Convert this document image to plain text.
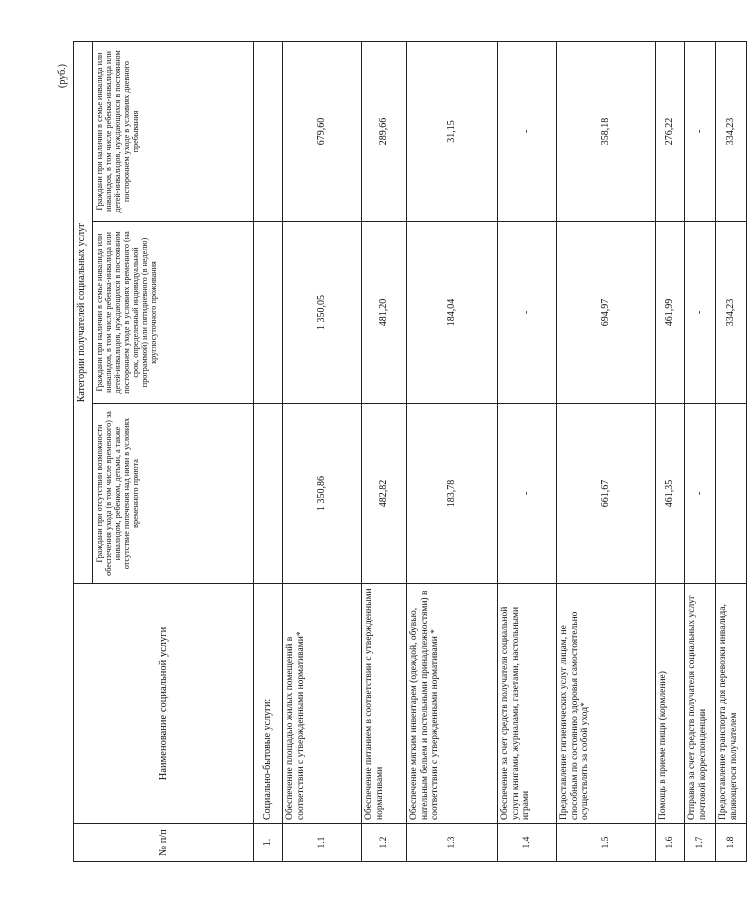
(руб.)
№ п/п	Наименование социальной услуги	Категории получателей социальных услуг		
		Граждани при отсутствии возможности обеспечения ухода (в том числе временного) за инвалидом, ребенком, детьми, а также отсутствие попечения над ними в условиях временного приюта	Граждани при наличии в семье инвалида или инвалидов, в том числе ребенка-инвалида или детей-инвалидов, нуждающихся в постоянном постороннем уходе в условиях временного (на срок, определенный индивидуальной программой) или пятидневного (в неделю) круглосуточного проживания	Граждани при наличии в семье инвалида или инвалидов, в том числе ребенка-инвалида или детей-инвалидов, нуждающихся в постоянном постороннем уходе в условиях дневного пребывания
1.	Социально-бытовые услуги:			
1.1	Обеспечение площадью жилых помещений в соответствии с утвержденными нормативами*	1 350,86	1 350,05	679,60
1.2	Обеспечение питанием в соответствии с утвержденными нормативами	482,82	481,20	289,66
1.3	Обеспечение мягким инвентарем (одеждой, обувью, нательным бельем и постельными принадлежностями) в соответствии с утвержденными нормативами *	183,78	184,04	31,15
1.4	Обеспечение за счет средств получателя социальной услуги книгами, журналами, газетами, настольными играми	-	-	-
1.5	Предоставление гигиенических услуг лицам, не способным по состоянию здоровья самостоятельно осуществлять за собой уход*	661,67	694,97	358,18
1.6	Помощь в приеме пищи (кормление)	461,35	461,99	276,22
1.7	Отправка за счет средств получателя социальных услуг почтовой корреспонденции	-	-	-
1.8	Предоставление транспорта для перевозки инвалида, являющегося получателем		334,23	334,23
